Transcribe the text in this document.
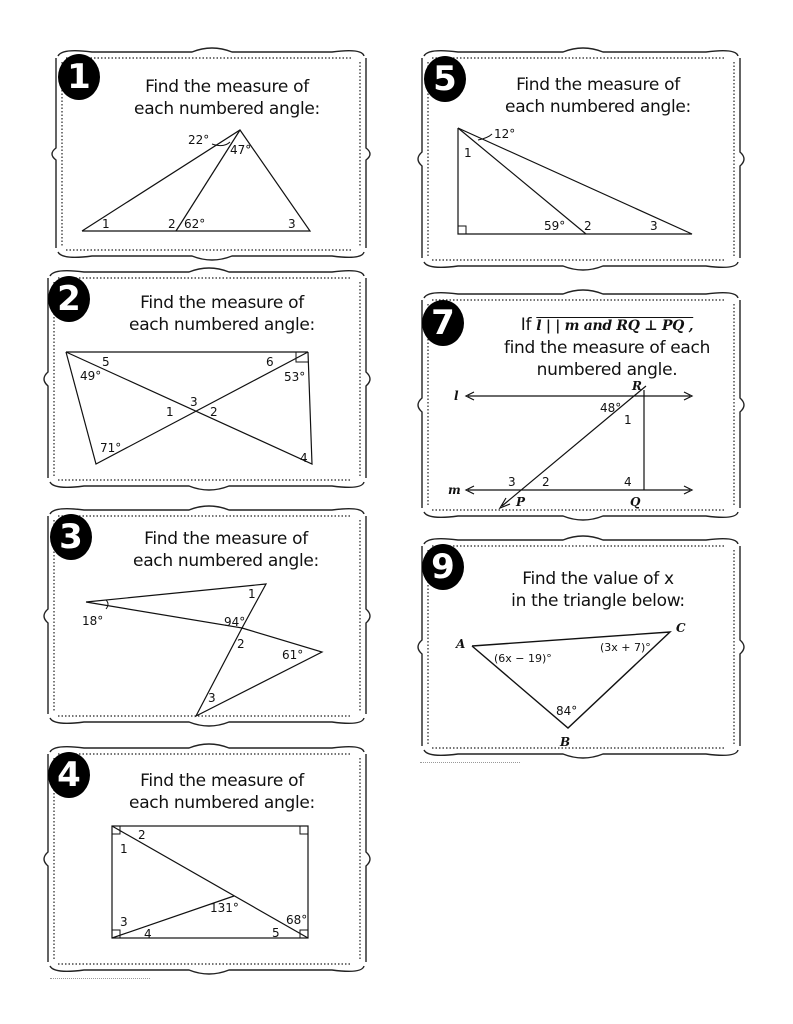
1	Find the measure of
each numbered angle:
22°
47°
1	2 62°	3
2	Find the measure of
each numbered angle:
5
49°
6
53°
3
1	2
71°
4
3	Find the measure of
each numbered angle:
18°
1
94°
2
61°
3
4	Find the measure of
each numbered angle:
2
1
131°
3
4	5
68°
5	Find the measure of
each numbered angle:
12°
1
59° 2	3
7	If l | | m and RQ ⊥ PQ ,
find the measure of each
numbered angle.
l
R
48°
1
m
3 2	4
P	Q
9	Find the value of x
in the triangle below:
A
C
B
(6x − 19)°
(3x + 7)°
84°
